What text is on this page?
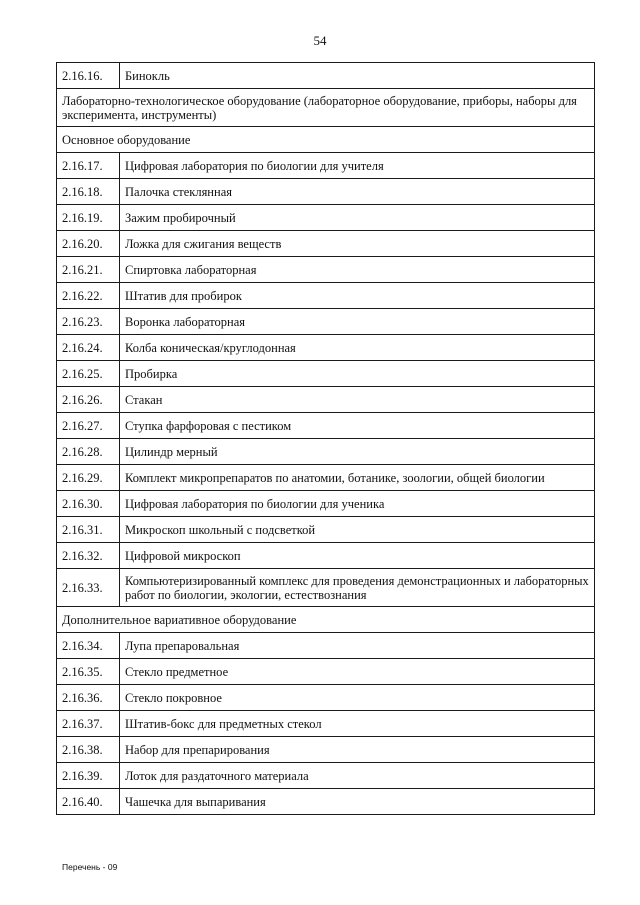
54
2.16.16.	Бинокль
Лабораторно-технологическое оборудование (лабораторное оборудование, приборы, наборы для эксперимента, инструменты)	
Основное оборудование	
2.16.17.	Цифровая лаборатория по биологии для учителя
2.16.18.	Палочка стеклянная
2.16.19.	Зажим пробирочный
2.16.20.	Ложка для сжигания веществ
2.16.21.	Спиртовка лабораторная
2.16.22.	Штатив для пробирок
2.16.23.	Воронка лабораторная
2.16.24.	Колба коническая/круглодонная
2.16.25.	Пробирка
2.16.26.	Стакан
2.16.27.	Ступка фарфоровая с пестиком
2.16.28.	Цилиндр мерный
2.16.29.	Комплект микропрепаратов по анатомии, ботанике, зоологии, общей биологии
2.16.30.	Цифровая лаборатория по биологии для ученика
2.16.31.	Микроскоп школьный с подсветкой
2.16.32.	Цифровой микроскоп
2.16.33.	Компьютеризированный комплекс для проведения демонстрационных и лабораторных работ по биологии, экологии, естествознания
Дополнительное вариативное оборудование	
2.16.34.	Лупа препаровальная
2.16.35.	Стекло предметное
2.16.36.	Стекло покровное
2.16.37.	Штатив-бокс для предметных стекол
2.16.38.	Набор для препарирования
2.16.39.	Лоток для раздаточного материала
2.16.40.	Чашечка для выпаривания
Перечень - 09
